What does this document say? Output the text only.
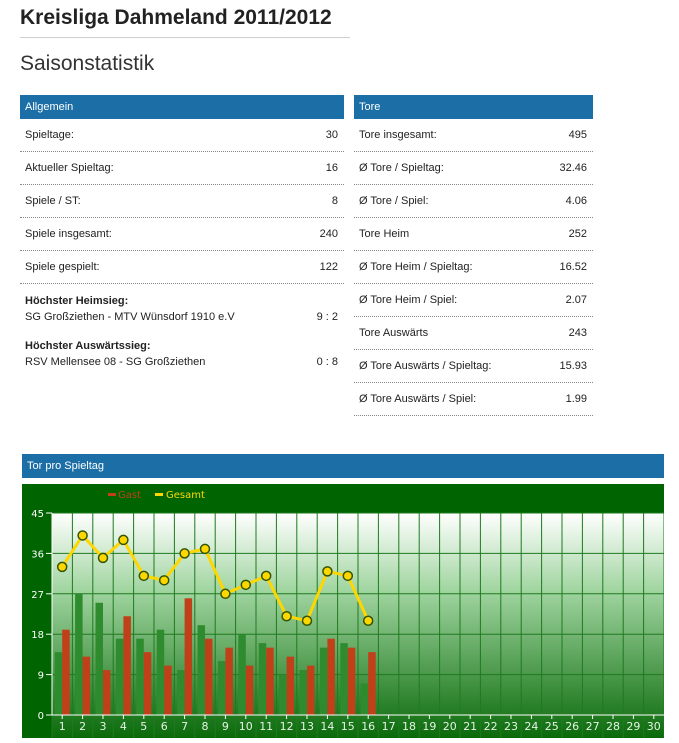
Kreisliga Dahmeland 2011/2012
Saisonstatistik
Allgemein
Spieltage:	30
Aktueller Spieltag:	16
Spiele / ST:	8
Spiele insgesamt:	240
Spiele gespielt:	122
Höchster Heimsieg:
SG Großziethen - MTV Wünsdorf 1910 e.V	9 : 2
Höchster Auswärtssieg:
RSV Mellensee 08 - SG Großziethen	0 : 8
Tore
Tore insgesamt:	495
Ø Tore / Spieltag:	32.46
Ø Tore / Spiel:	4.06
Tore Heim	252
Ø Tore Heim / Spieltag:	16.52
Ø Tore Heim / Spiel:	2.07
Tore Auswärts	243
Ø Tore Auswärts / Spieltag:	15.93
Ø Tore Auswärts / Spiel:	1.99
Tor pro Spieltag
0
9
18
27
36
45
1 2 3 4 5 6 7 8 9 10 11 12 13 14 15 16 17 18 19 20 21 22 23 24 25 26 27 28 29 30
Gast Gesamt
